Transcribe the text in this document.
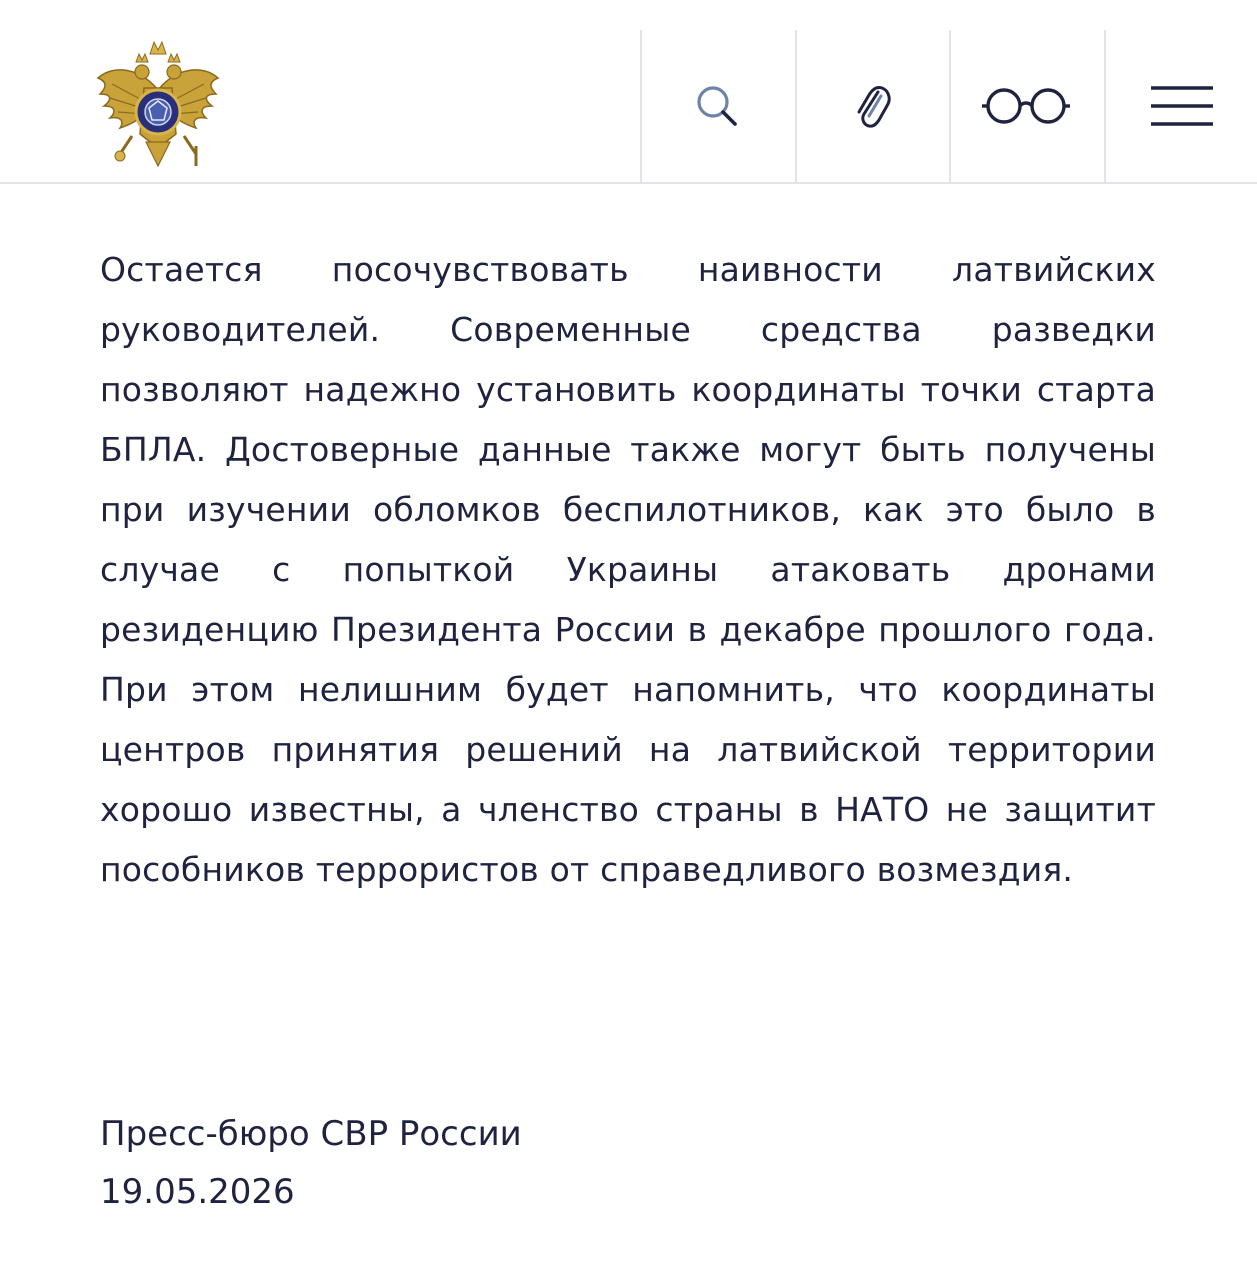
Остается посочувствовать наивности латвийских руководителей. Современные средства разведки позволяют надежно установить координаты точки старта БПЛА. Достоверные данные также могут быть получены при изучении обломков беспилотников, как это было в случае с попыткой Украины атаковать дронами резиденцию Президента России в декабре прошлого года. При этом нелишним будет напомнить, что координаты центров принятия решений на латвийской территории хорошо известны, а членство страны в НАТО не защитит пособников террористов от справедливого возмездия.

Пресс-бюро СВР России
19.05.2026
